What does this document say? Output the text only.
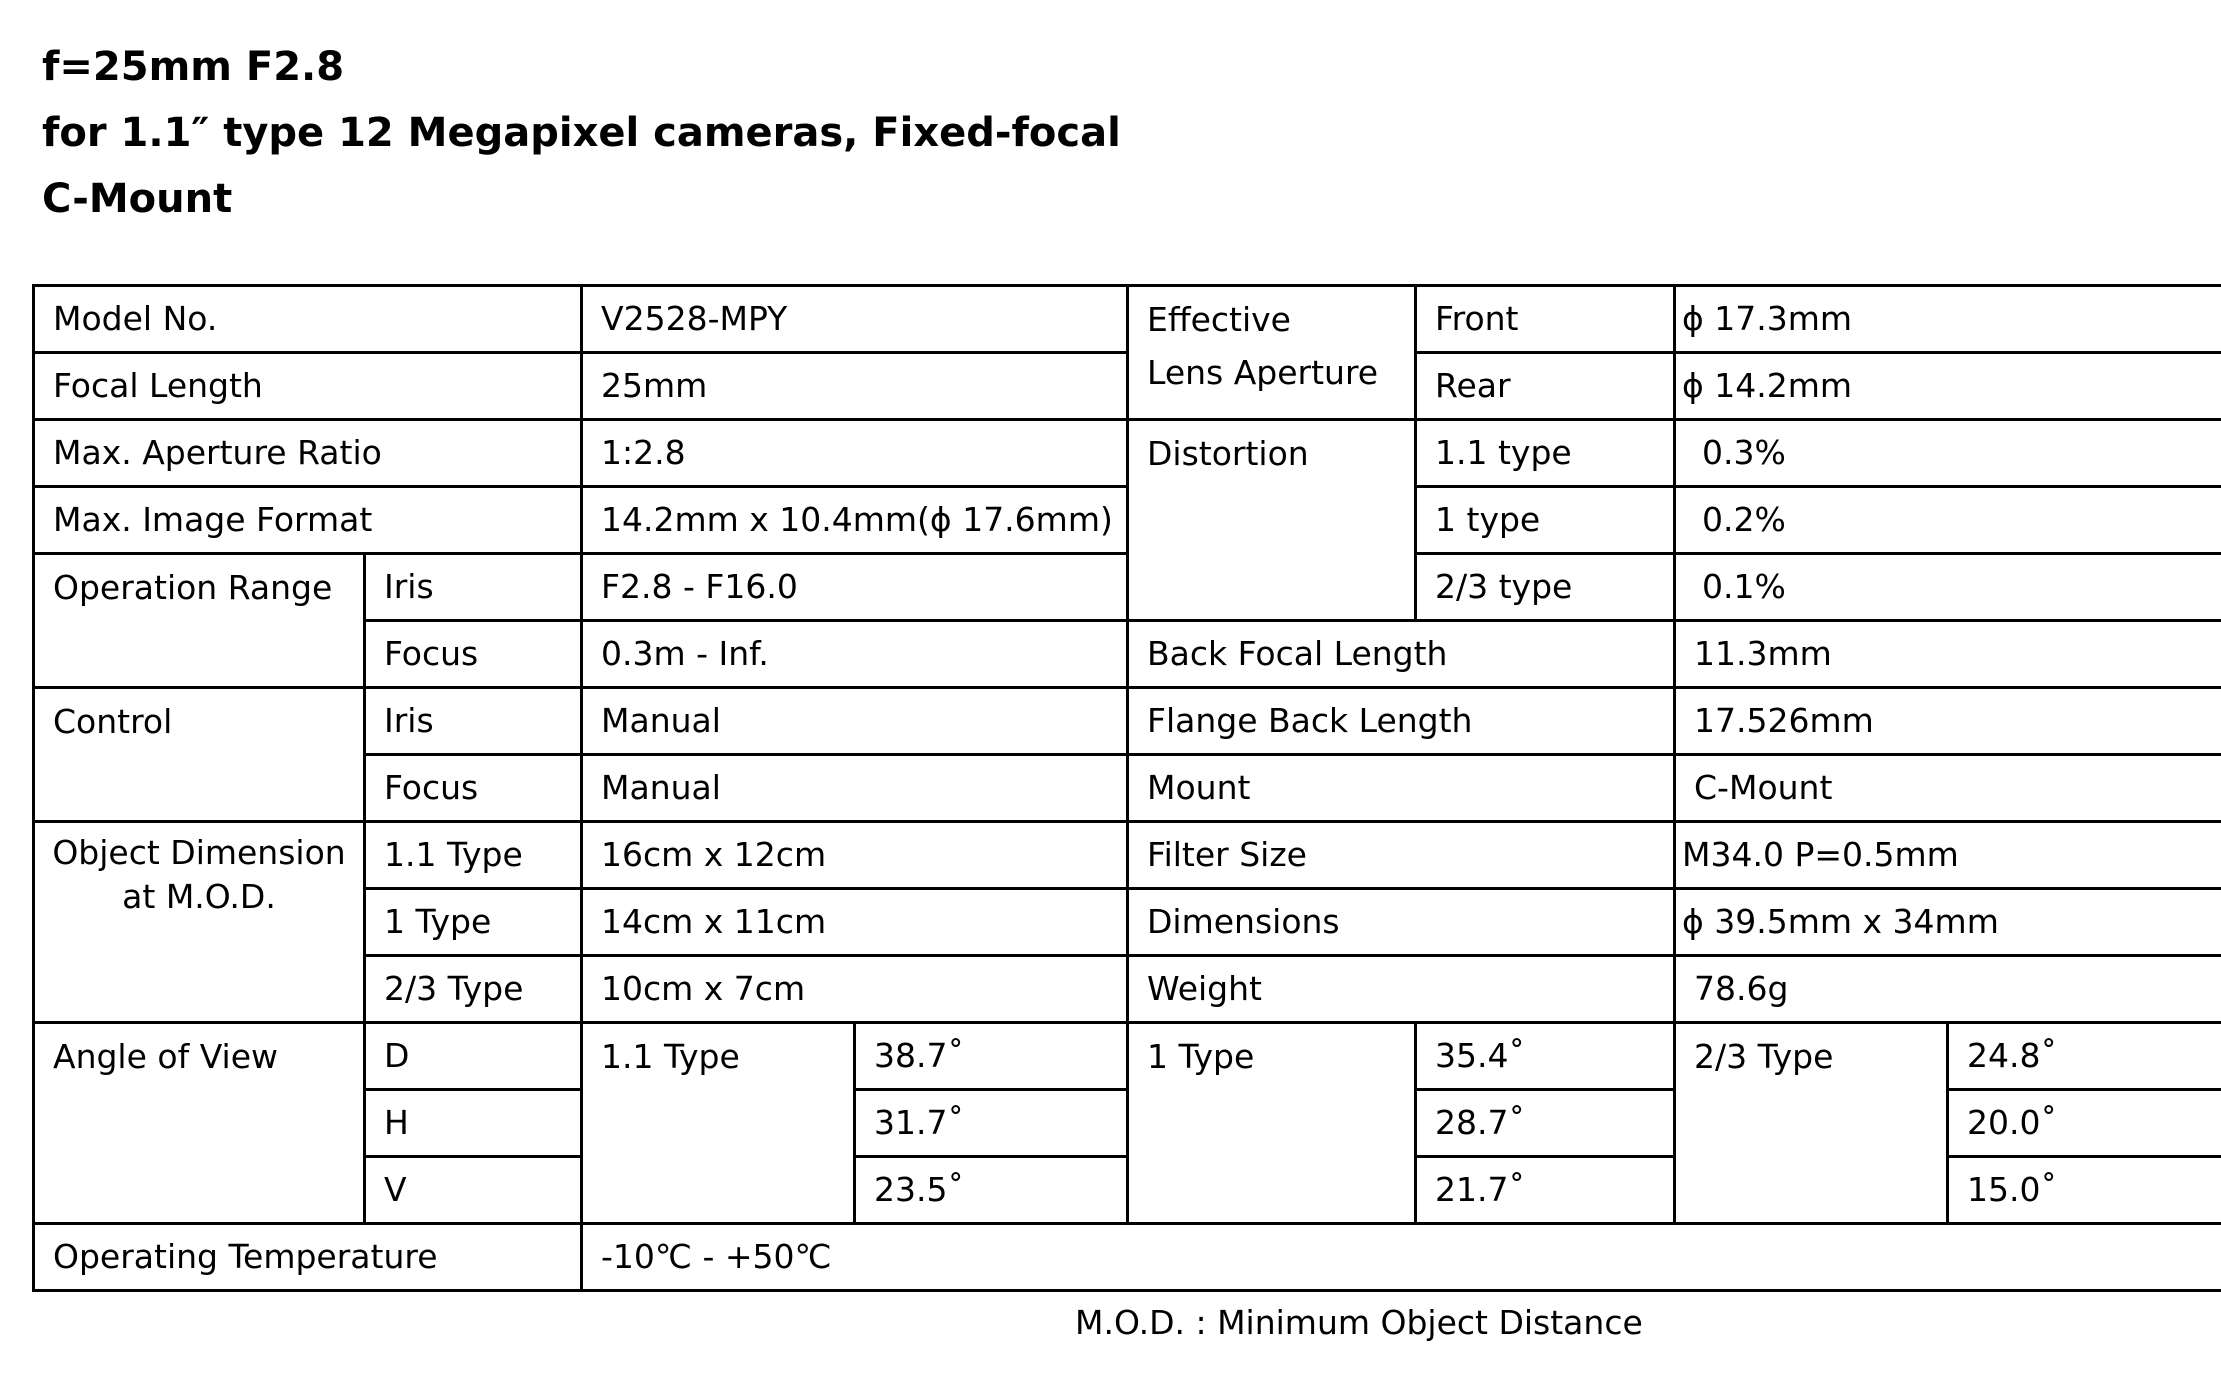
f=25mm F2.8
for 1.1″ type 12 Megapixel cameras, Fixed‐focal
C-Mount
Model No.		V2528-MPY		Effective
Lens Aperture	Front	ϕ 17.3mm	
Focal Length		25mm			Rear	ϕ 14.2mm	
Max. Aperture Ratio		1:2.8		Distortion	1.1 type	0.3%	
Max. Image Format		14.2mm x 10.4mm(ϕ 17.6mm)			1 type	0.2%	
Operation Range	Iris	F2.8 - F16.0			2/3 type	0.1%	
	Focus	0.3m - Inf.		Back Focal Length		11.3mm	
Control	Iris	Manual		Flange Back Length		17.526mm	
	Focus	Manual		Mount		C‐Mount	
Object Dimension
at M.O.D.	1.1 Type	16cm x 12cm		Filter Size		M34.0 P=0.5mm	
	1 Type	14cm x 11cm		Dimensions		ϕ 39.5mm x 34mm	
	2/3 Type	10cm x 7cm		Weight		78.6g	
Angle of View	D	1.1 Type	38.7˚	1 Type	35.4˚	2/3 Type	24.8˚
	H		31.7˚		28.7˚		20.0˚
	V		23.5˚		21.7˚		15.0˚
Operating Temperature		‐10℃ - +50℃					
M.O.D. : Minimum Object Distance
